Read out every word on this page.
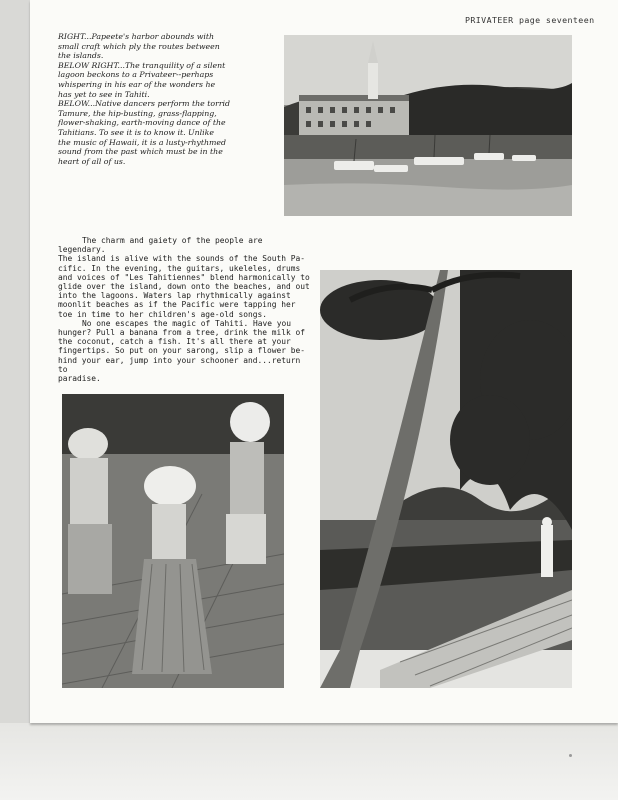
PRIVATEER page seventeen

RIGHT...Papeete's harbor abounds with

small craft which ply the routes between

the islands.

BELOW RIGHT...The tranquility of a silent

lagoon beckons to a Privateer--perhaps

whispering in his ear of the wonders he

has yet to see in Tahiti.

BELOW...Native dancers perform the torrid

Tamure, the hip-busting, grass-flapping,

flower-shaking, earth-moving dance of the

Tahitians. To see it is to know it. Unlike

the music of Hawaii, it is a lusty-rhythmed

sound from the past which must be in the

heart of all of us.

The charm and gaiety of the people are legendary.

The island is alive with the sounds of the South Pa-

cific. In the evening, the guitars, ukeleles, drums

and voices of "Les Tahitiennes" blend harmonically to

glide over the island, down onto the beaches, and out

into the lagoons. Waters lap rhythmically against

moonlit beaches as if the Pacific were tapping her

toe in time to her children's age-old songs.

No one escapes the magic of Tahiti. Have you

hunger? Pull a banana from a tree, drink the milk of

the coconut, catch a fish. It's all there at your

fingertips. So put on your sarong, slip a flower be-

hind your ear, jump into your schooner and...return to

paradise.
